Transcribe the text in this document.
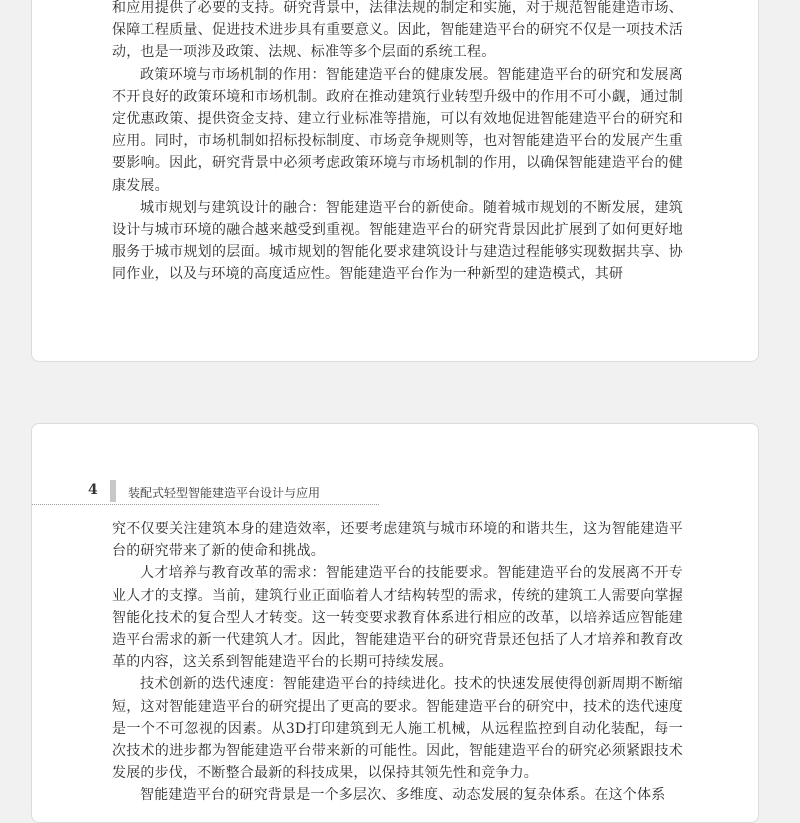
和应用提供了必要的支持。研究背景中，法律法规的制定和实施，对于规范智能建造市场、保障工程质量、促进技术进步具有重要意义。因此，智能建造平台的研究不仅是一项技术活动，也是一项涉及政策、法规、标准等多个层面的系统工程。

政策环境与市场机制的作用：智能建造平台的健康发展。智能建造平台的研究和发展离不开良好的政策环境和市场机制。政府在推动建筑行业转型升级中的作用不可小觑，通过制定优惠政策、提供资金支持、建立行业标准等措施，可以有效地促进智能建造平台的研究和应用。同时，市场机制如招标投标制度、市场竞争规则等，也对智能建造平台的发展产生重要影响。因此，研究背景中必须考虑政策环境与市场机制的作用，以确保智能建造平台的健康发展。

城市规划与建筑设计的融合：智能建造平台的新使命。随着城市规划的不断发展，建筑设计与城市环境的融合越来越受到重视。智能建造平台的研究背景因此扩展到了如何更好地服务于城市规划的层面。城市规划的智能化要求建筑设计与建造过程能够实现数据共享、协同作业，以及与环境的高度适应性。智能建造平台作为一种新型的建造模式，其研

4	装配式轻型智能建造平台设计与应用

究不仅要关注建筑本身的建造效率，还要考虑建筑与城市环境的和谐共生，这为智能建造平台的研究带来了新的使命和挑战。

人才培养与教育改革的需求：智能建造平台的技能要求。智能建造平台的发展离不开专业人才的支撑。当前，建筑行业正面临着人才结构转型的需求，传统的建筑工人需要向掌握智能化技术的复合型人才转变。这一转变要求教育体系进行相应的改革，以培养适应智能建造平台需求的新一代建筑人才。因此，智能建造平台的研究背景还包括了人才培养和教育改革的内容，这关系到智能建造平台的长期可持续发展。

技术创新的迭代速度：智能建造平台的持续进化。技术的快速发展使得创新周期不断缩短，这对智能建造平台的研究提出了更高的要求。智能建造平台的研究中，技术的迭代速度是一个不可忽视的因素。从3D打印建筑到无人施工机械，从远程监控到自动化装配，每一次技术的进步都为智能建造平台带来新的可能性。因此，智能建造平台的研究必须紧跟技术发展的步伐，不断整合最新的科技成果，以保持其领先性和竞争力。

智能建造平台的研究背景是一个多层次、多维度、动态发展的复杂体系。在这个体系
